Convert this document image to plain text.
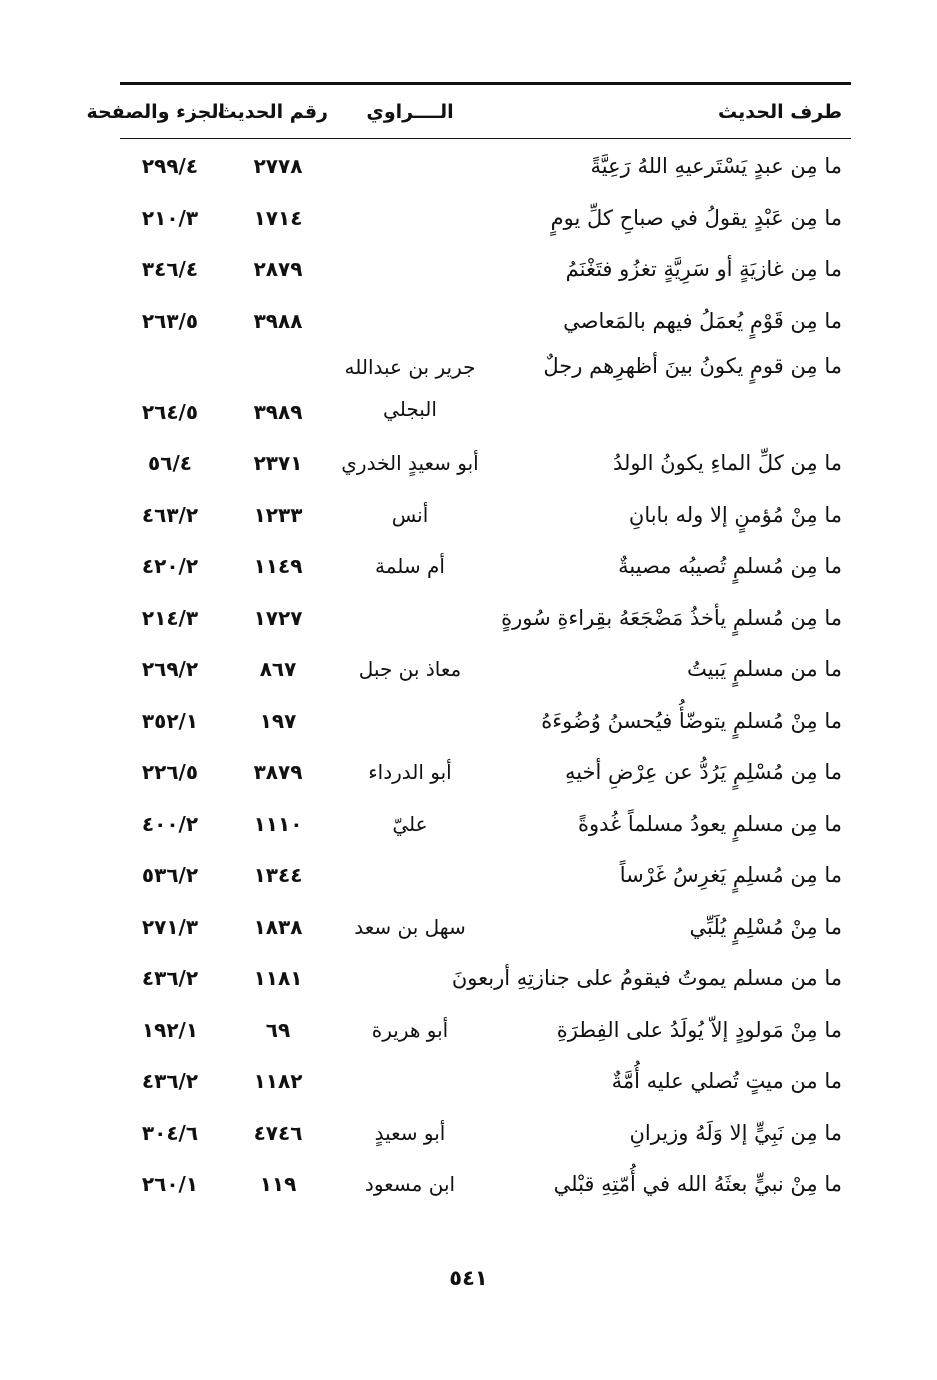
طرف الحديث
الــــراوي
رقم الحديث
الجزء والصفحة
ما مِن عبدٍ يَسْتَرعيهِ اللهُ رَعِيَّةً
٢٧٧٨
٢٩٩/٤
ما مِن عَبْدٍ يقولُ في صباحِ كلِّ يومٍ
١٧١٤
٢١٠/٣
ما مِن غازيَةٍ أو سَرِيَّةٍ تغزُو فتَغْنَمُ
٢٨٧٩
٣٤٦/٤
ما مِن قَوْمٍ يُعمَلُ فيهم بالمَعاصي
٣٩٨٨
٢٦٣/٥
ما مِن قومٍ يكونُ بينَ أظهرِهم رجلٌ
جرير بن عبدالله البجلي
٣٩٨٩
٢٦٤/٥
ما مِن كلِّ الماءِ يكونُ الولدُ
أبو سعيدٍ الخدري
٢٣٧١
٥٦/٤
ما مِنْ مُؤمنٍ إلا وله بابانِ
أنس
١٢٣٣
٤٦٣/٢
ما مِن مُسلمٍ تُصيبُه مصيبةٌ
أم سلمة
١١٤٩
٤٢٠/٢
ما مِن مُسلمٍ يأخذُ مَضْجَعَهُ بقِراءةِ سُورةٍ
١٧٢٧
٢١٤/٣
ما من مسلمٍ يَبيتُ
معاذ بن جبل
٨٦٧
٢٦٩/٢
ما مِنْ مُسلمٍ يتوضّأُ فيُحسنُ وُضُوءَهُ
١٩٧
٣٥٢/١
ما مِن مُسْلِمٍ يَرُدُّ عن عِرْضِ أخيهِ
أبو الدرداء
٣٨٧٩
٢٢٦/٥
ما مِن مسلمٍ يعودُ مسلماً غُدوةً
عليّ
١١١٠
٤٠٠/٢
ما مِن مُسلِمٍ يَغرِسُ غَرْساً
١٣٤٤
٥٣٦/٢
ما مِنْ مُسْلِمٍ يُلَبِّي
سهل بن سعد
١٨٣٨
٢٧١/٣
ما من مسلم يموتُ فيقومُ على جنازتِهِ أربعونَ
١١٨١
٤٣٦/٢
ما مِنْ مَولودٍ إلاّ يُولَدُ على الفِطرَةِ
أبو هريرة
٦٩
١٩٢/١
ما من ميتٍ تُصلي عليه أُمَّةٌ
١١٨٢
٤٣٦/٢
ما مِن نَبِيٍّ إلا وَلَهُ وزيرانِ
أبو سعيدٍ
٤٧٤٦
٣٠٤/٦
ما مِنْ نبيٍّ بعثَهُ الله في أُمّتِهِ قبْلي
ابن مسعود
١١٩
٢٦٠/١
٥٤١
